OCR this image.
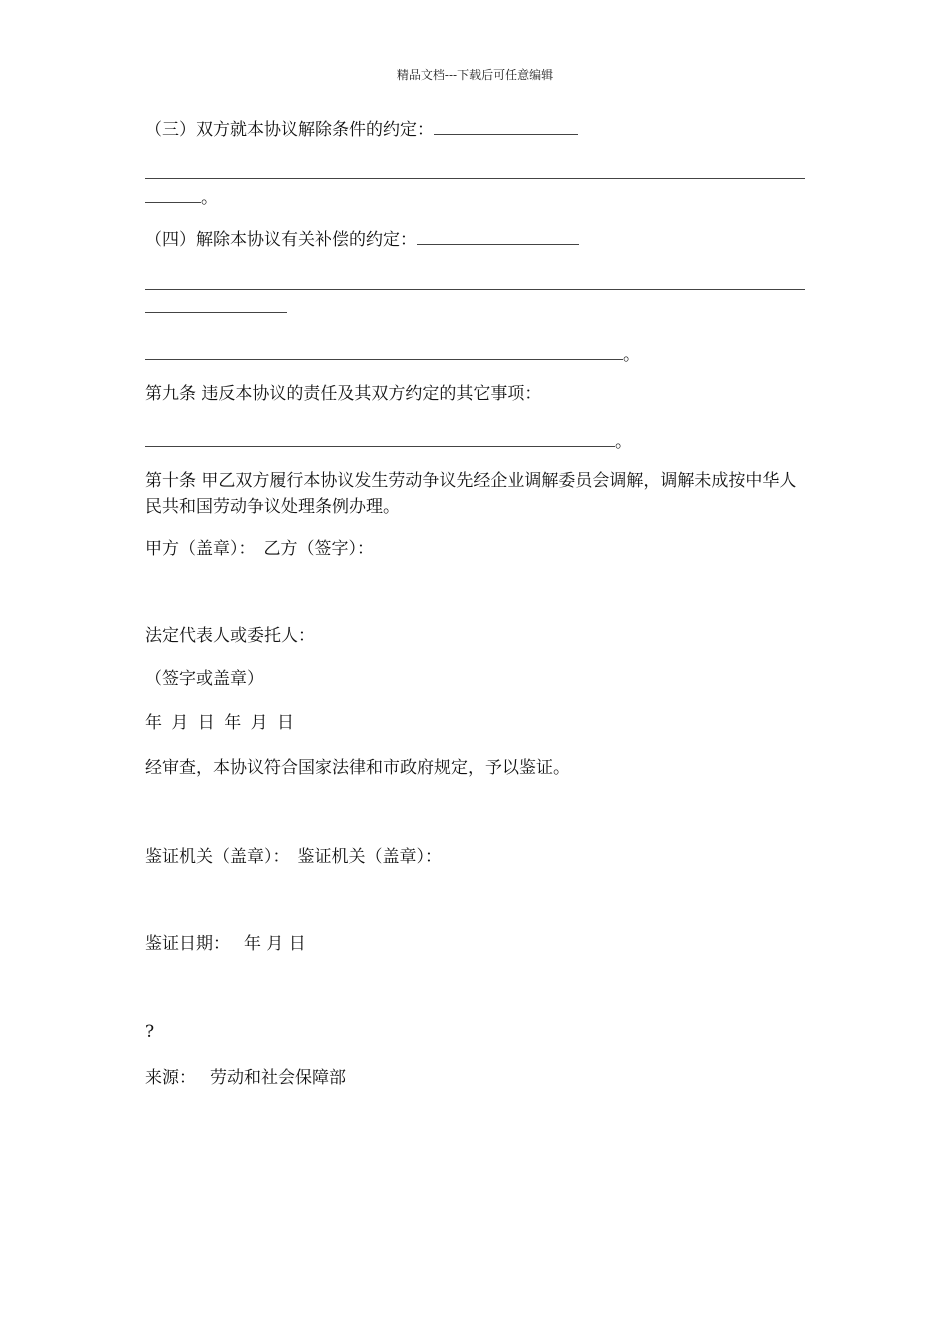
精品文档---下载后可任意编辑
（三）双方就本协议解除条件的约定：
。
（四）解除本协议有关补偿的约定：
。
第九条 违反本协议的责任及其双方约定的其它事项：
。
第十条 甲乙双方履行本协议发生劳动争议先经企业调解委员会调解，调解未成按中华人民共和国劳动争议处理条例办理。
甲方（盖章）： 乙方（签字）：
法定代表人或委托人：
（签字或盖章）
年 月 日 年 月 日
经审查，本协议符合国家法律和市政府规定，予以鉴证。
鉴证机关（盖章）： 鉴证机关（盖章）：
鉴证日期： 年 月 日
?
来源： 劳动和社会保障部
